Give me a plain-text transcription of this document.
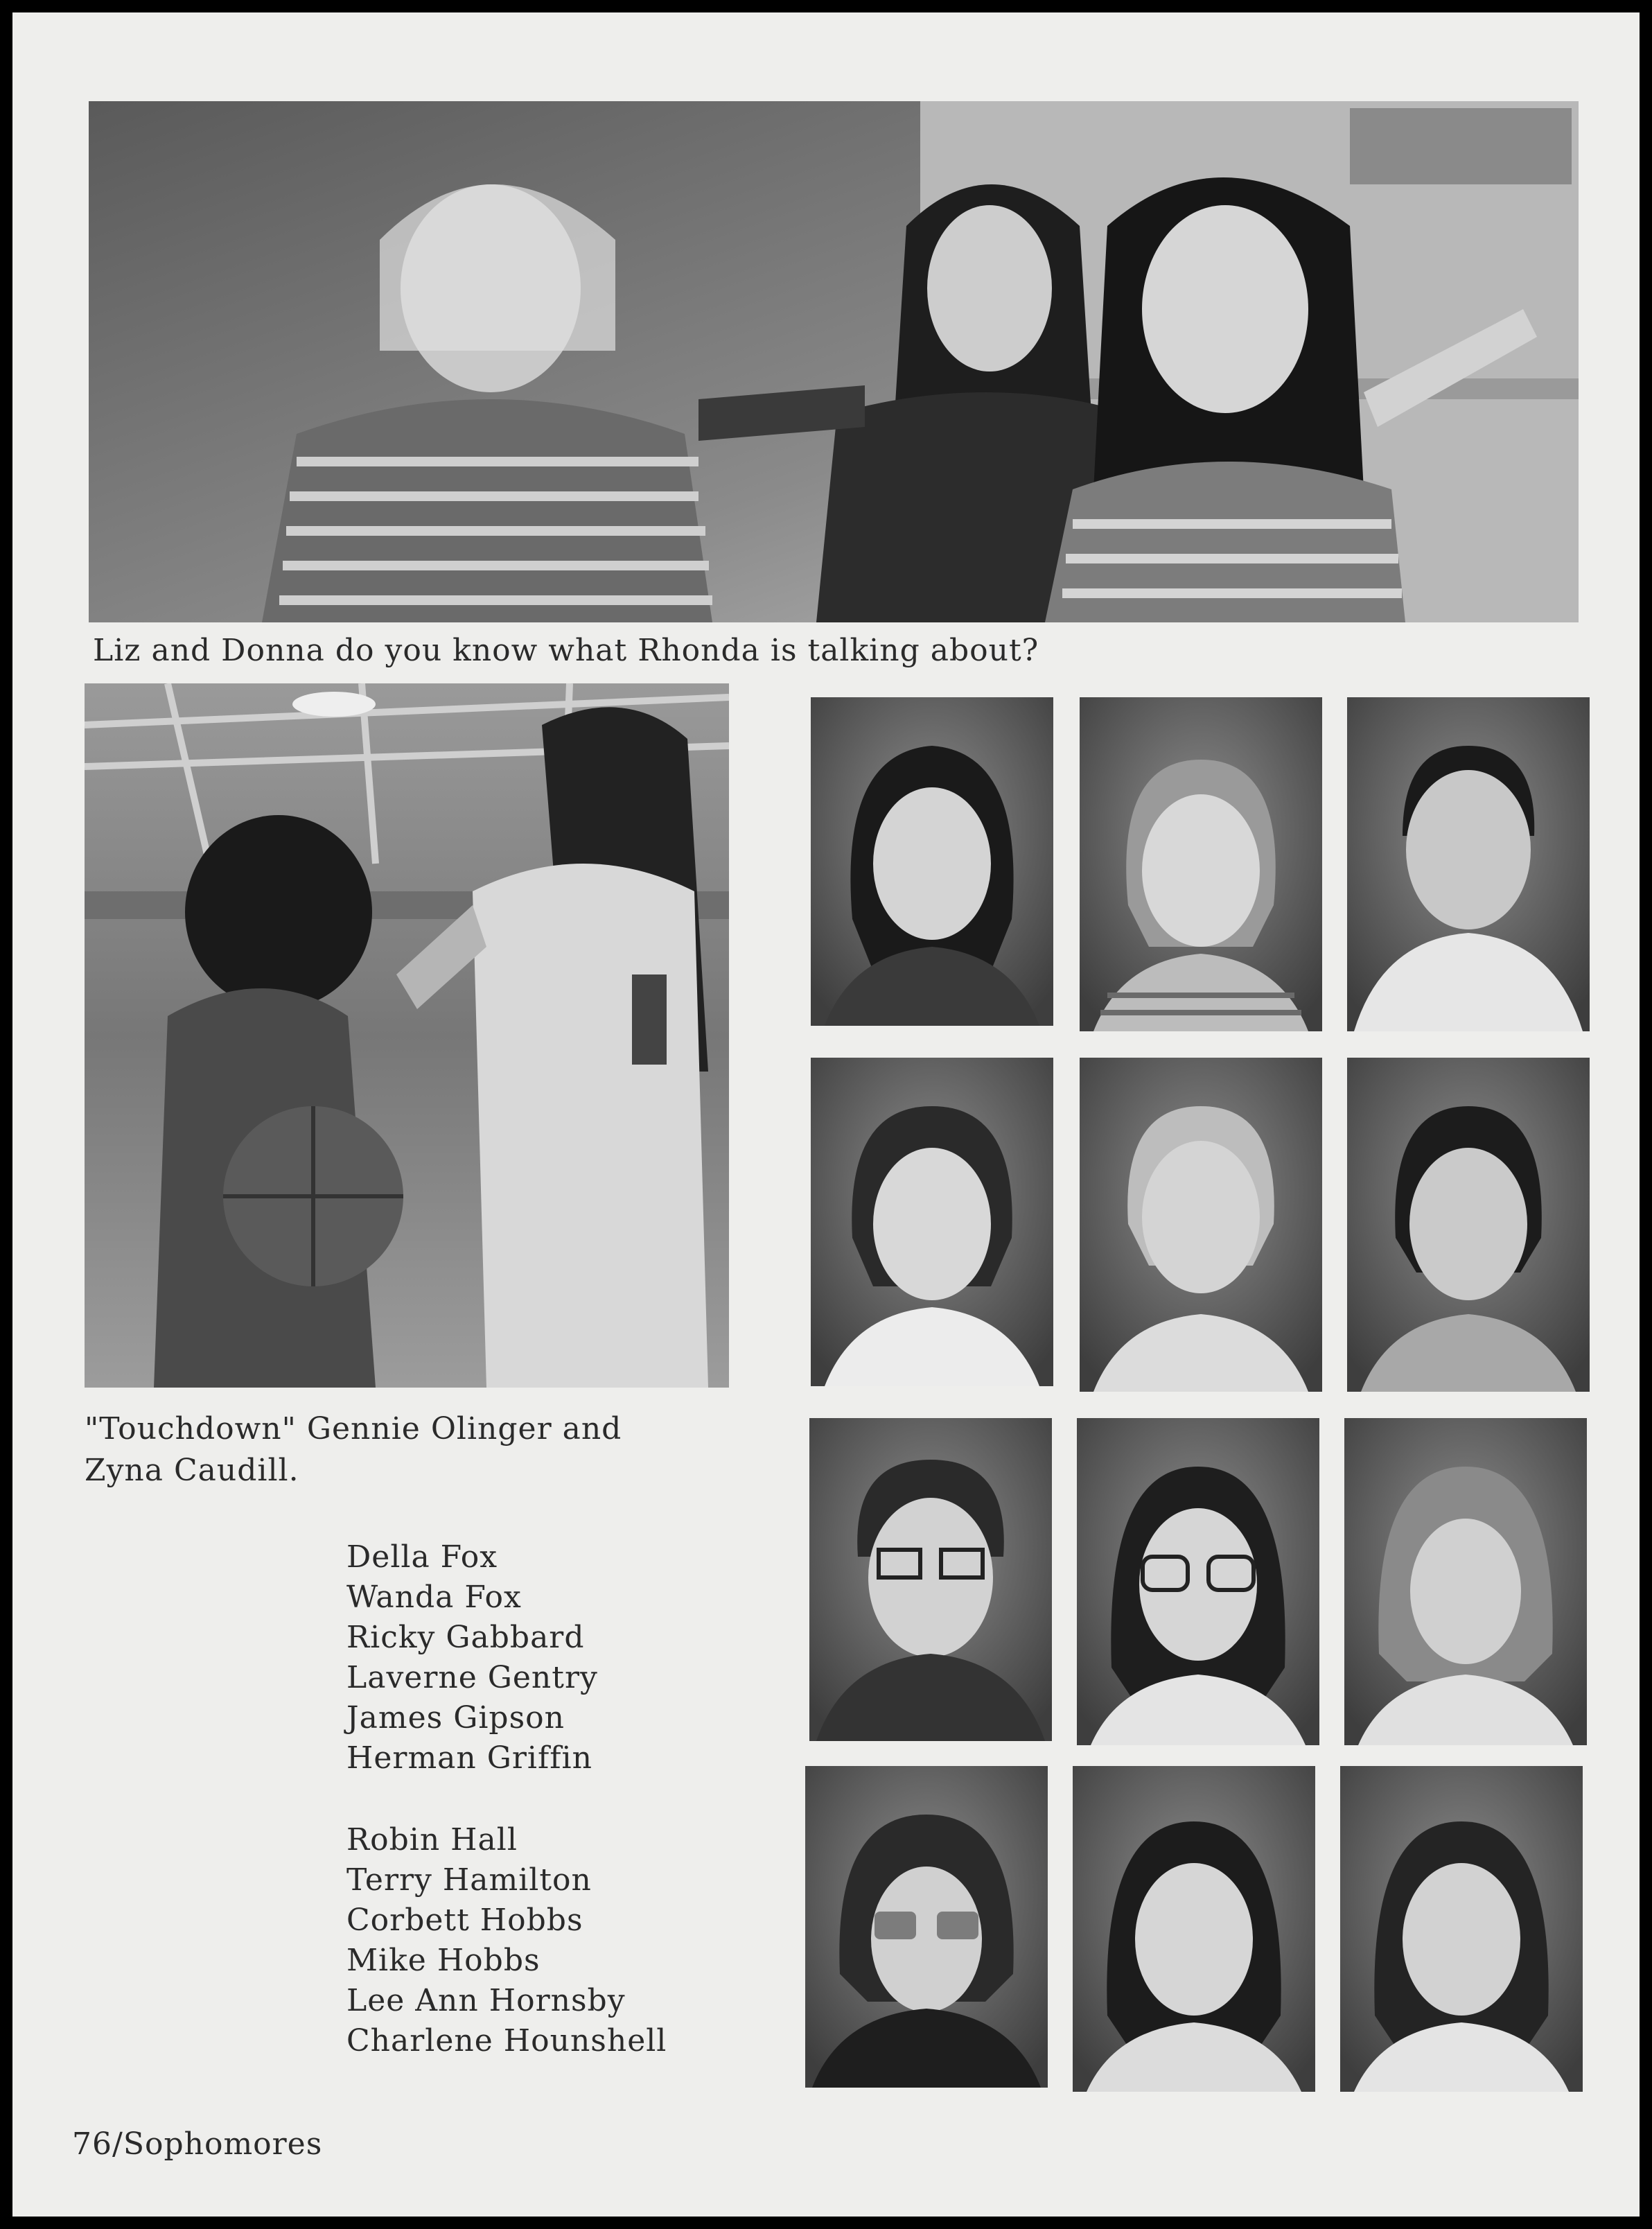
Liz and Donna do you know what Rhonda is talking about?
"Touchdown" Gennie Olinger and
Zyna Caudill.
Della Fox
Wanda Fox
Ricky Gabbard
Laverne Gentry
James Gipson
Herman Griffin
Robin Hall
Terry Hamilton
Corbett Hobbs
Mike Hobbs
Lee Ann Hornsby
Charlene Hounshell
76/Sophomores
